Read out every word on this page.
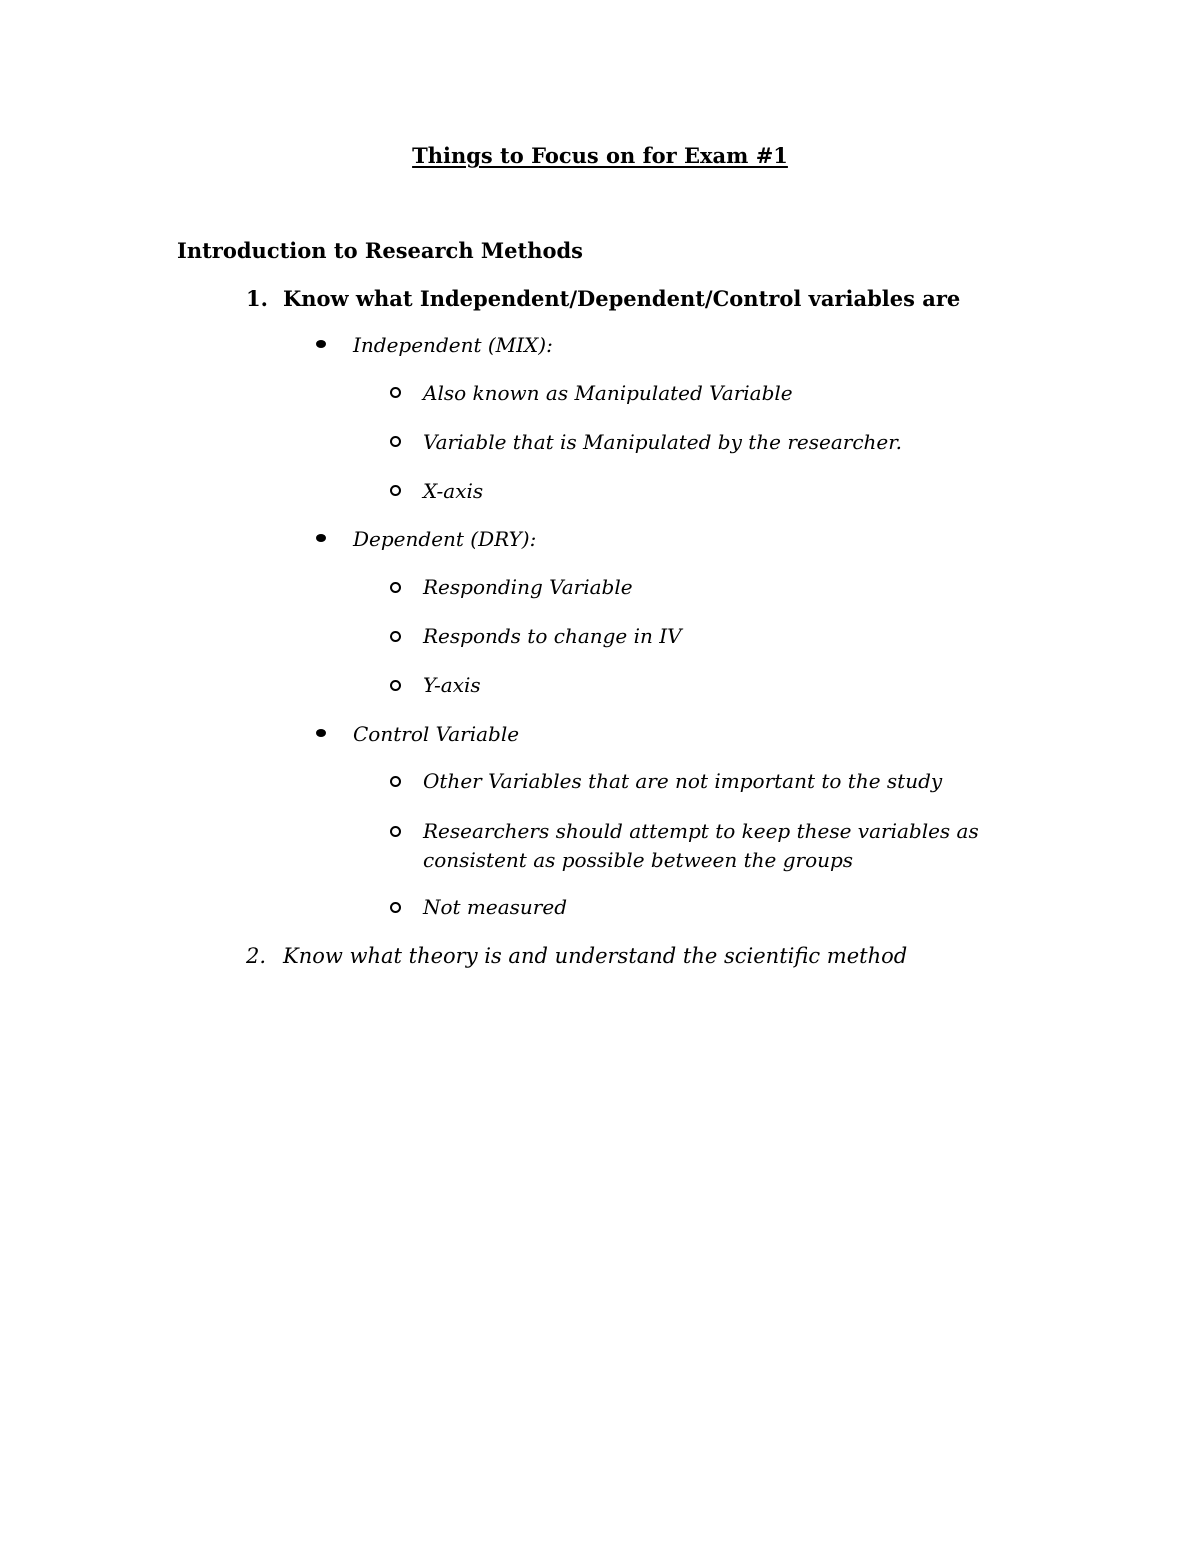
Things to Focus on for Exam #1

Introduction to Research Methods

1. Know what Independent/Dependent/Control variables are
Independent (MIX):
Also known as Manipulated Variable
Variable that is Manipulated by the researcher.
X-axis
Dependent (DRY):
Responding Variable
Responds to change in IV
Y-axis
Control Variable
Other Variables that are not important to the study
Researchers should attempt to keep these variables as
consistent as possible between the groups
Not measured
2. Know what theory is and understand the scientific method
